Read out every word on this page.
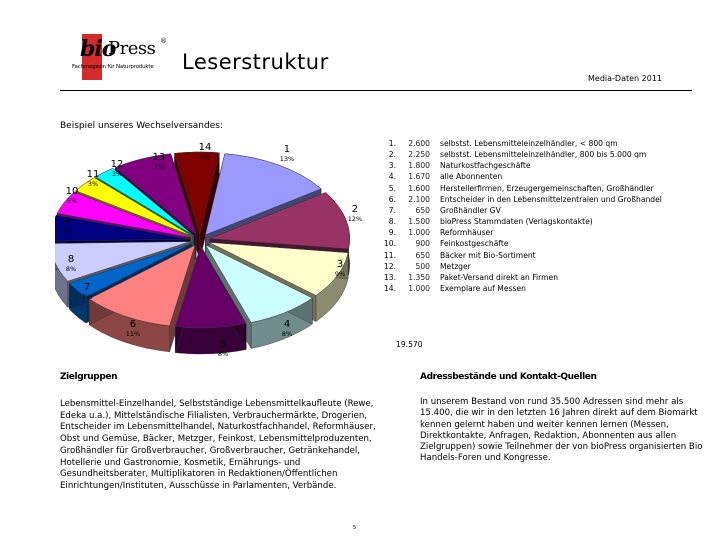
bio
Press ®
Fachmagazin für Naturprodukte Leserstruktur
Media-Daten 2011
Beispiel unseres Wechselversandes:
1
13%
2
12%
3
9%
4
8%
5
8%
6
11%
7
3%
8
8%
9
5%
10
5%
11
3%
12
3%
13
7%
14
5%
1.	2.600	selbstst. Lebensmitteleinzelhändler, < 800 qm
2.	2.250	selbstst. Lebensmitteleinzelhändler, 800 bis 5.000 qm
3.	1.800	Naturkostfachgeschäfte
4.	1.670	alle Abonnenten
5.	1.600	Herstellerfirmen, Erzeugergemeinschaften, Großhändler
6.	2.100	Entscheider in den Lebensmittelzentralen und Großhandel
7.	650	Großhändler GV
8.	1.500	bioPress Stammdaten (Verlagskontakte)
9.	1.000	Reformhäuser
10.	900	Feinkostgeschäfte
11.	650	Bäcker mit Bio-Sortiment
12.	500	Metzger
13.	1.350	Paket-Versand direkt an Firmen
14.	1.000	Exemplare auf Messen
19.570
Zielgruppen
Lebensmittel-Einzelhandel, Selbstständige Lebensmittelkaufleute (Rewe, Edeka u.a.), Mittelständische Filialisten, Verbrauchermärkte, Drogerien, Entscheider im Lebensmittelhandel, Naturkostfachhandel, Reformhäuser, Obst und Gemüse, Bäcker, Metzger, Feinkost, Lebensmittelproduzenten, Großhändler für Großverbraucher, Großverbraucher, Getränkehandel, Hotellerie und Gastronomie, Kosmetik, Ernährungs- und Gesundheitsberater, Multiplikatoren in Redaktionen/Öffentlichen Einrichtungen/Instituten, Ausschüsse in Parlamenten, Verbände.
Adressbestände und Kontakt-Quellen
In unserem Bestand von rund 35.500 Adressen sind mehr als 15.400, die wir in den letzten 16 Jahren direkt auf dem Biomarkt kennen gelernt haben und weiter kennen lernen (Messen, Direktkontakte, Anfragen, Redaktion, Abonnenten aus allen Zielgruppen) sowie Teilnehmer der von bioPress organisierten Bio Handels-Foren und Kongresse.
5
